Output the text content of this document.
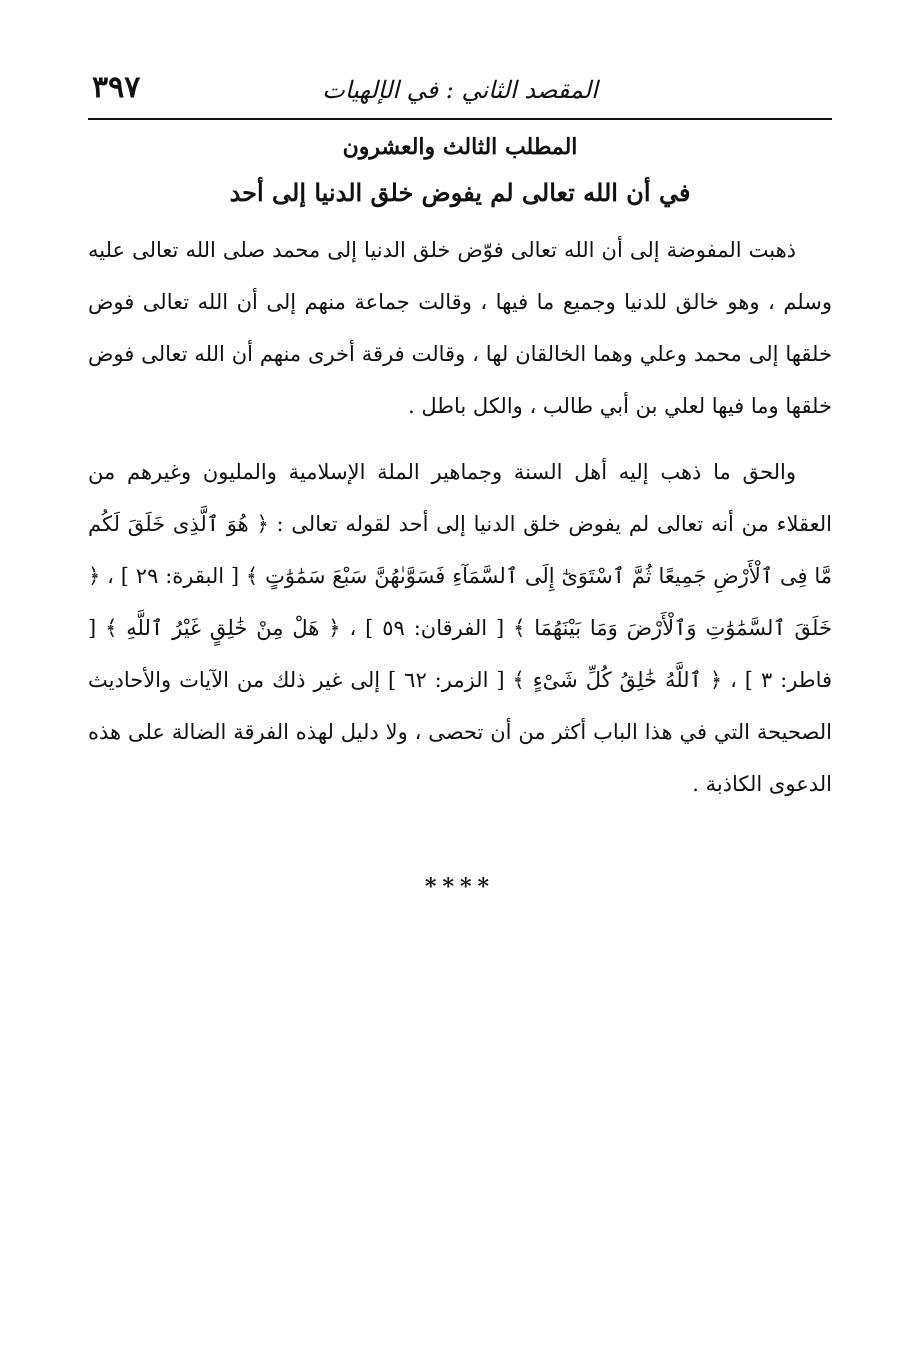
٣٩٧	المقصد الثاني : في الإلهيات
المطلب الثالث والعشرون
في أن الله تعالى لم يفوض خلق الدنيا إلى أحد

ذهبت المفوضة إلى أن الله تعالى فوّض خلق الدنيا إلى محمد صلى الله تعالى عليه وسلم ، وهو خالق للدنيا وجميع ما فيها ، وقالت جماعة منهم إلى أن الله تعالى فوض خلقها إلى محمد وعلي وهما الخالقان لها ، وقالت فرقة أخرى منهم أن الله تعالى فوض خلقها وما فيها لعلي بن أبي طالب ، والكل باطل .

والحق ما ذهب إليه أهل السنة وجماهير الملة الإسلامية والمليون وغيرهم من العقلاء من أنه تعالى لم يفوض خلق الدنيا إلى أحد لقوله تعالى : ﴿ هُوَ ٱلَّذِى خَلَقَ لَكُم مَّا فِى ٱلْأَرْضِ جَمِيعًا ثُمَّ ٱسْتَوَىٰٓ إِلَى ٱلسَّمَآءِ فَسَوَّىٰهُنَّ سَبْعَ سَمَٰوَٰتٍ ﴾ [ البقرة: ٢٩ ] ، ﴿ خَلَقَ ٱلسَّمَٰوَٰتِ وَٱلْأَرْضَ وَمَا بَيْنَهُمَا ﴾ [ الفرقان: ٥٩ ] ، ﴿ هَلْ مِنْ خَٰلِقٍ غَيْرُ ٱللَّهِ ﴾ [ فاطر: ٣ ] ، ﴿ ٱللَّهُ خَٰلِقُ كُلِّ شَىْءٍ ﴾ [ الزمر: ٦٢ ] إلى غير ذلك من الآيات والأحاديث الصحيحة التي في هذا الباب أكثر من أن تحصى ، ولا دليل لهذه الفرقة الضالة على هذه الدعوى الكاذبة .

****
